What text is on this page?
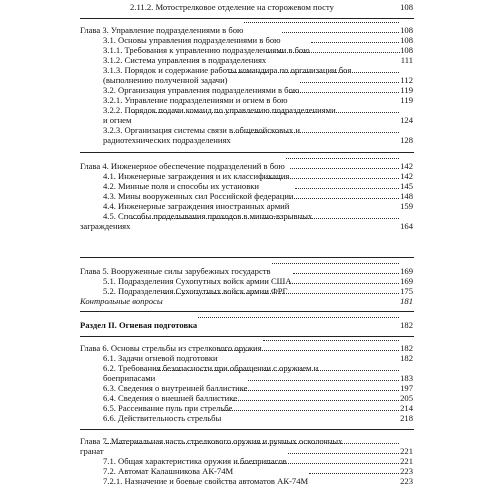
2.11.2. Мотострелковое отделение на сторожевом посту	108
Глава 3. Управление подразделениями в бою	108
3.1. Основы управления подразделениями в бою	108
3.1.1. Требования к управлению подразделениями в бою	108
3.1.2. Система управления в подразделениях	111
3.1.3. Порядок и содержание работы командира по организации боя
(выполнению полученной задачи)	112
3.2. Организация управления подразделениями в бою	119
3.2.1. Управление подразделениями и огнем в бою	119
3.2.2. Порядок подачи команд по управлению подразделениями
и огнем	124
3.2.3. Организация системы связи в общевойсковых и
радиотехнических подразделениях	128
Глава 4. Инженерное обеспечение подразделений в бою	142
4.1. Инженерные заграждения и их классификация	142
4.2. Минные поля и способы их установки	145
4.3. Мины вооруженных сил Российской федерации	148
4.4. Инженерные заграждения иностранных армий	159
4.5. Способы проделывания проходов в минно-взрывных
заграждениях	164
Глава 5. Вооруженные силы зарубежных государств	169
5.1. Подразделения Сухопутных войск армии США	169
5.2. Подразделения Сухопутных войск армии ФРГ	175
Контрольные вопросы	181
Раздел II. Огневая подготовка	182
Глава 6. Основы стрельбы из стрелкового оружия	182
6.1. Задачи огневой подготовки	182
6.2. Требования безопасности при обращении с оружием и
боеприпасами	183
6.3. Сведения о внутренней баллистике	197
6.4. Сведения о внешней баллистике	205
6.5. Рассеивание пуль при стрельбе	214
6.6. Действительность стрельбы	218
Глава 7. Материальная часть стрелкового оружия и ручных осколочных
гранат	221
7.1. Общая характеристика оружия и боеприпасов	221
7.2. Автомат Калашникова АК-74М	223
7.2.1. Назначение и боевые свойства автоматов АК-74М	223
